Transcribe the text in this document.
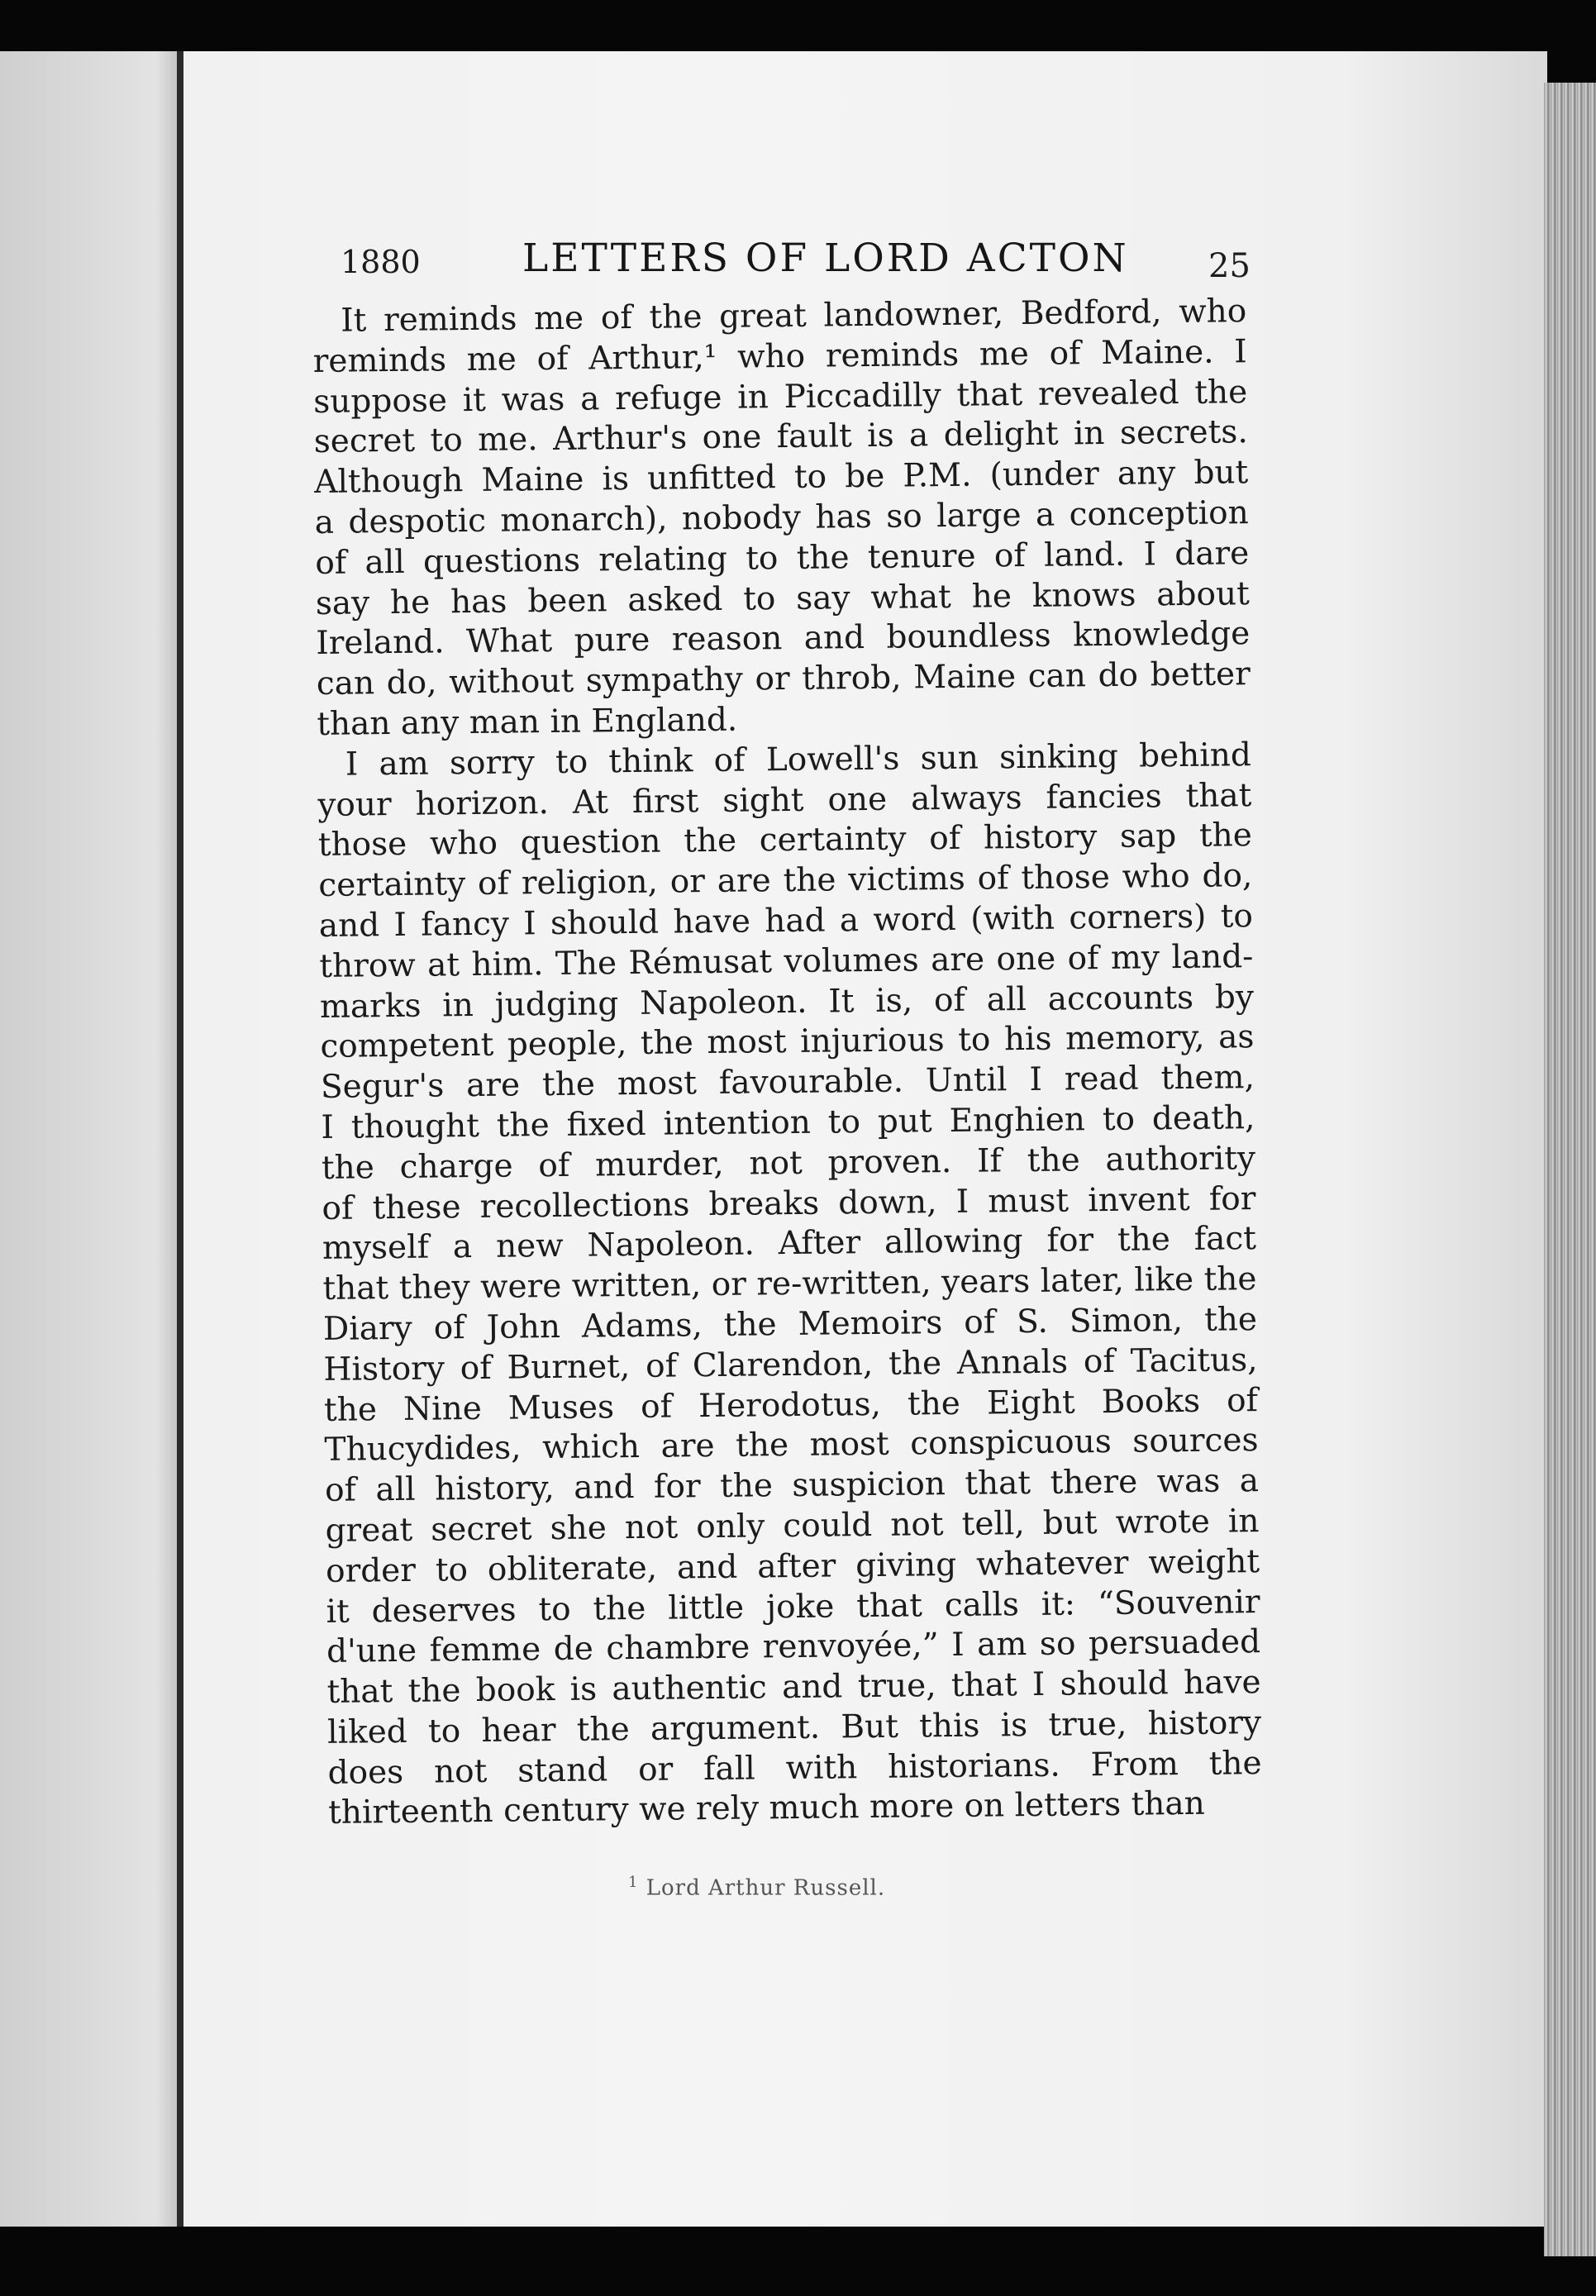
1880	LETTERS OF LORD ACTON 25
It reminds me of the great landowner, Bedford, who
reminds me of Arthur,¹ who reminds me of Maine. I
suppose it was a refuge in Piccadilly that revealed the
secret to me. Arthur's one fault is a delight in secrets.
Although Maine is unfitted to be P.M. (under any but
a despotic monarch), nobody has so large a conception
of all questions relating to the tenure of land. I dare
say he has been asked to say what he knows about
Ireland. What pure reason and boundless knowledge
can do, without sympathy or throb, Maine can do better
than any man in England.
I am sorry to think of Lowell's sun sinking behind
your horizon. At first sight one always fancies that
those who question the certainty of history sap the
certainty of religion, or are the victims of those who do,
and I fancy I should have had a word (with corners) to
throw at him. The Rémusat volumes are one of my land-
marks in judging Napoleon. It is, of all accounts by
competent people, the most injurious to his memory, as
Segur's are the most favourable. Until I read them,
I thought the fixed intention to put Enghien to death,
the charge of murder, not proven. If the authority
of these recollections breaks down, I must invent for
myself a new Napoleon. After allowing for the fact
that they were written, or re-written, years later, like the
Diary of John Adams, the Memoirs of S. Simon, the
History of Burnet, of Clarendon, the Annals of Tacitus,
the Nine Muses of Herodotus, the Eight Books of
Thucydides, which are the most conspicuous sources
of all history, and for the suspicion that there was a
great secret she not only could not tell, but wrote in
order to obliterate, and after giving whatever weight
it deserves to the little joke that calls it: “Souvenir
d'une femme de chambre renvoyée,” I am so persuaded
that the book is authentic and true, that I should have
liked to hear the argument. But this is true, history
does not stand or fall with historians. From the
thirteenth century we rely much more on letters than
$^1$ Lord Arthur Russell.
